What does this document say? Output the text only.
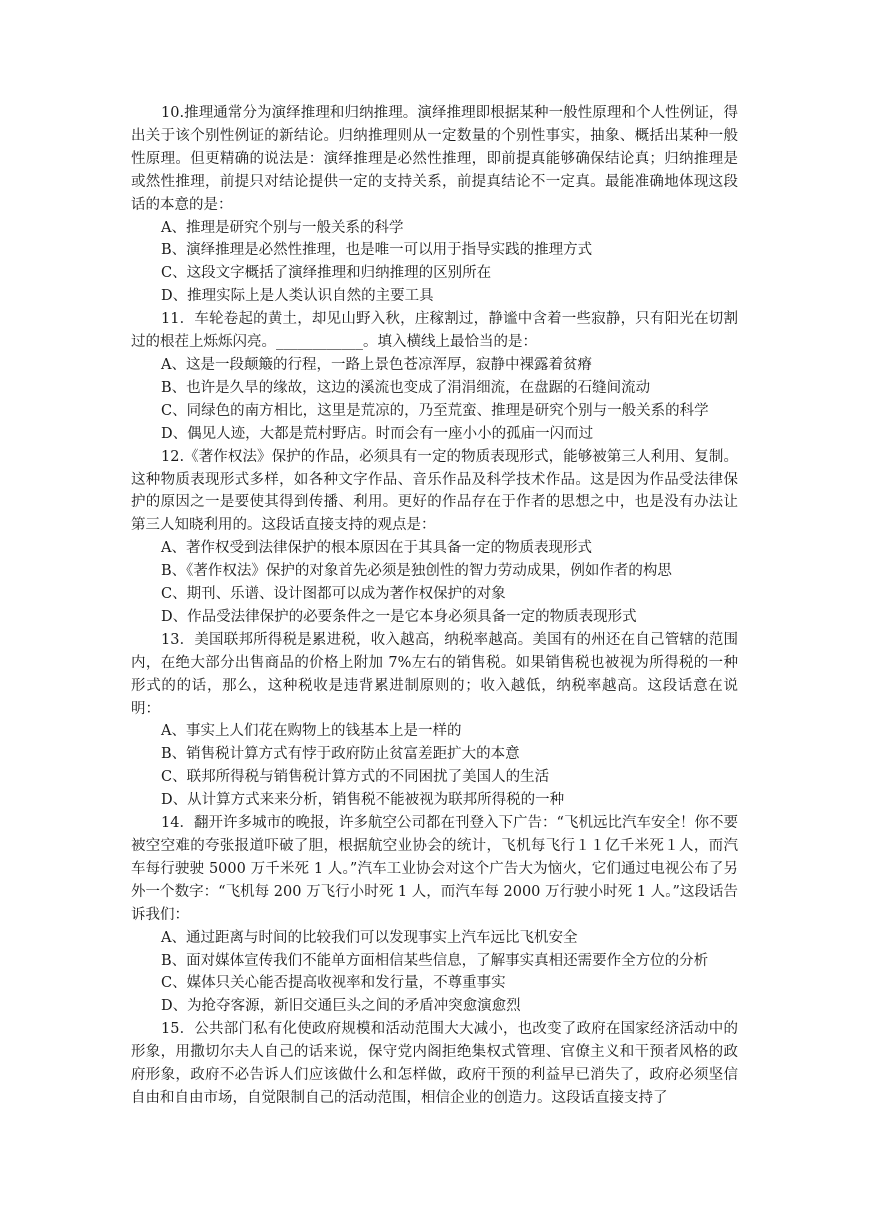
10.推理通常分为演绎推理和归纳推理。演绎推理即根据某种一般性原理和个人性例证，得出关于该个别性例证的新结论。归纳推理则从一定数量的个别性事实，抽象、概括出某种一般性原理。但更精确的说法是：演绎推理是必然性推理，即前提真能够确保结论真；归纳推理是或然性推理，前提只对结论提供一定的支持关系，前提真结论不一定真。最能准确地体现这段话的本意的是：

A、推理是研究个别与一般关系的科学

B、演绎推理是必然性推理，也是唯一可以用于指导实践的推理方式

C、这段文字概括了演绎推理和归纳推理的区别所在

D、推理实际上是人类认识自然的主要工具

11．车轮卷起的黄土，却见山野入秋，庄稼割过，静谧中含着一些寂静，只有阳光在切割过的根茬上烁烁闪亮。____________。填入横线上最恰当的是：

A、这是一段颠簸的行程，一路上景色苍凉浑厚，寂静中裸露着贫瘠

B、也许是久旱的缘故，这边的溪流也变成了涓涓细流，在盘踞的石缝间流动

C、同绿色的南方相比，这里是荒凉的，乃至荒蛮、推理是研究个别与一般关系的科学

D、偶见人迹，大都是荒村野店。时而会有一座小小的孤庙一闪而过

12.《著作权法》保护的作品，必须具有一定的物质表现形式，能够被第三人利用、复制。这种物质表现形式多样，如各种文字作品、音乐作品及科学技术作品。这是因为作品受法律保护的原因之一是要使其得到传播、利用。更好的作品存在于作者的思想之中，也是没有办法让第三人知晓利用的。这段话直接支持的观点是：

A、著作权受到法律保护的根本原因在于其具备一定的物质表现形式

B、《著作权法》保护的对象首先必须是独创性的智力劳动成果，例如作者的构思

C、期刊、乐谱、设计图都可以成为著作权保护的对象

D、作品受法律保护的必要条件之一是它本身必须具备一定的物质表现形式

13．美国联邦所得税是累进税，收入越高，纳税率越高。美国有的州还在自己管辖的范围内，在绝大部分出售商品的价格上附加 7%左右的销售税。如果销售税也被视为所得税的一种形式的的话，那么，这种税收是违背累进制原则的；收入越低，纳税率越高。这段话意在说明：

A、事实上人们花在购物上的钱基本上是一样的

B、销售税计算方式有悖于政府防止贫富差距扩大的本意

C、联邦所得税与销售税计算方式的不同困扰了美国人的生活

D、从计算方式来来分析，销售税不能被视为联邦所得税的一种

14．翻开许多城市的晚报，许多航空公司都在刊登入下广告：“飞机远比汽车安全！你不要被空空难的夸张报道吓破了胆，根据航空业协会的统计，飞机每飞行１１亿千米死１人，而汽车每行驶驶 5000 万千米死 1 人。”汽车工业协会对这个广告大为恼火，它们通过电视公布了另外一个数字：“飞机每 200 万飞行小时死 1 人，而汽车每 2000 万行驶小时死 1 人。”这段话告诉我们：

A、通过距离与时间的比较我们可以发现事实上汽车远比飞机安全

B、面对媒体宣传我们不能单方面相信某些信息，了解事实真相还需要作全方位的分析

C、媒体只关心能否提高收视率和发行量，不尊重事实

D、为抢夺客源，新旧交通巨头之间的矛盾冲突愈演愈烈

15．公共部门私有化使政府规模和活动范围大大减小，也改变了政府在国家经济活动中的形象，用撒切尔夫人自己的话来说，保守党内阁拒绝集权式管理、官僚主义和干预者风格的政府形象，政府不必告诉人们应该做什么和怎样做，政府干预的利益早已消失了，政府必须坚信自由和自由市场，自觉限制自己的活动范围，相信企业的创造力。这段话直接支持了
